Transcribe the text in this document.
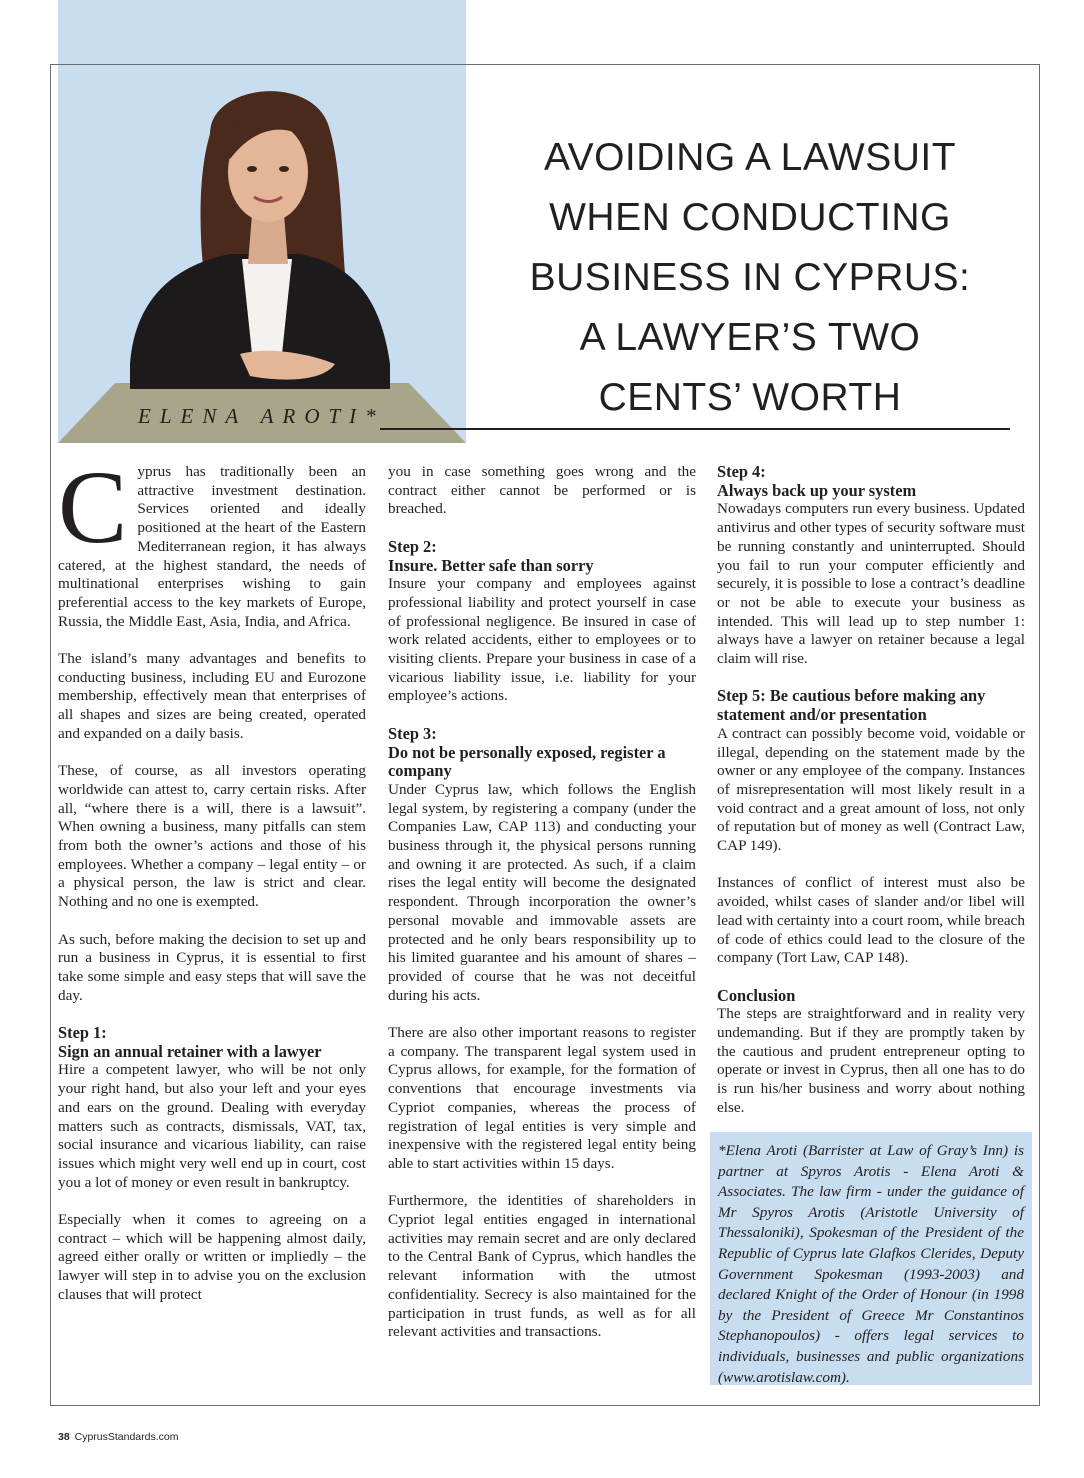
ELENA AROTI*
AVOIDING A LAWSUIT
WHEN CONDUCTING
BUSINESS IN CYPRUS:
A LAWYER’S TWO
CENTS’ WORTH

Cyprus has traditionally been an attractive investment destination. Services oriented and ideally positioned at the heart of the Eastern Mediterranean region, it has always catered, at the highest standard, the needs of multinational enterprises wishing to gain preferential access to the key markets of Europe, Russia, the Middle East, Asia, India, and Africa.

The island’s many advantages and benefits to conducting business, including EU and Eurozone membership, effectively mean that enterprises of all shapes and sizes are being created, operated and expanded on a daily basis.

These, of course, as all investors operating worldwide can attest to, carry certain risks. After all, “where there is a will, there is a lawsuit”. When owning a business, many pitfalls can stem from both the owner’s actions and those of his employees. Whether a company – legal entity – or a physical person, the law is strict and clear. Nothing and no one is exempted.

As such, before making the decision to set up and run a business in Cyprus, it is essential to first take some simple and easy steps that will save the day.

Step 1:
Sign an annual retainer with a lawyer

Hire a competent lawyer, who will be not only your right hand, but also your left and your eyes and ears on the ground. Dealing with everyday matters such as contracts, dismissals, VAT, tax, social insurance and vicarious liability, can raise issues which might very well end up in court, cost you a lot of money or even result in bankruptcy.

Especially when it comes to agreeing on a contract – which will be happening almost daily, agreed either orally or written or impliedly – the lawyer will step in to advise you on the exclusion clauses that will protect

you in case something goes wrong and the contract either cannot be performed or is breached.

Step 2:
Insure. Better safe than sorry

Insure your company and employees against professional liability and protect yourself in case of professional negligence. Be insured in case of work related accidents, either to employees or to visiting clients. Prepare your business in case of a vicarious liability issue, i.e. liability for your employee’s actions.

Step 3:
Do not be personally exposed, register a company

Under Cyprus law, which follows the English legal system, by registering a company (under the Companies Law, CAP 113) and conducting your business through it, the physical persons running and owning it are protected. As such, if a claim rises the legal entity will become the designated respondent. Through incorporation the owner’s personal movable and immovable assets are protected and he only bears responsibility up to his limited guarantee and his amount of shares – provided of course that he was not deceitful during his acts.

There are also other important reasons to register a company. The transparent legal system used in Cyprus allows, for example, for the formation of conventions that encourage investments via Cypriot companies, whereas the process of registration of legal entities is very simple and inexpensive with the registered legal entity being able to start activities within 15 days.

Furthermore, the identities of shareholders in Cypriot legal entities engaged in international activities may remain secret and are only declared to the Central Bank of Cyprus, which handles the relevant information with the utmost confidentiality. Secrecy is also maintained for the participation in trust funds, as well as for all relevant activities and transactions.

Step 4:
Always back up your system

Nowadays computers run every business. Updated antivirus and other types of security software must be running constantly and uninterrupted. Should you fail to run your computer efficiently and securely, it is possible to lose a contract’s deadline or not be able to execute your business as intended. This will lead up to step number 1: always have a lawyer on retainer because a legal claim will rise.

Step 5: Be cautious before making any statement and/or presentation

A contract can possibly become void, voidable or illegal, depending on the statement made by the owner or any employee of the company. Instances of misrepresentation will most likely result in a void contract and a great amount of loss, not only of reputation but of money as well (Contract Law, CAP 149).

Instances of conflict of interest must also be avoided, whilst cases of slander and/or libel will lead with certainty into a court room, while breach of code of ethics could lead to the closure of the company (Tort Law, CAP 148).

Conclusion

The steps are straightforward and in reality very undemanding. But if they are promptly taken by the cautious and prudent entrepreneur opting to operate or invest in Cyprus, then all one has to do is run his/her business and worry about nothing else.

*Elena Aroti (Barrister at Law of Gray’s Inn) is partner at Spyros Arotis - Elena Aroti & Associates. The law firm - under the guidance of Mr Spyros Arotis (Aristotle University of Thessaloniki), Spokesman of the President of the Republic of Cyprus late Glafkos Clerides, Deputy Government Spokesman (1993-2003) and declared Knight of the Order of Honour (in 1998 by the President of Greece Mr Constantinos Stephanopoulos) - offers legal services to individuals, businesses and public organizations (www.arotislaw.com).
38 CyprusStandards.com
